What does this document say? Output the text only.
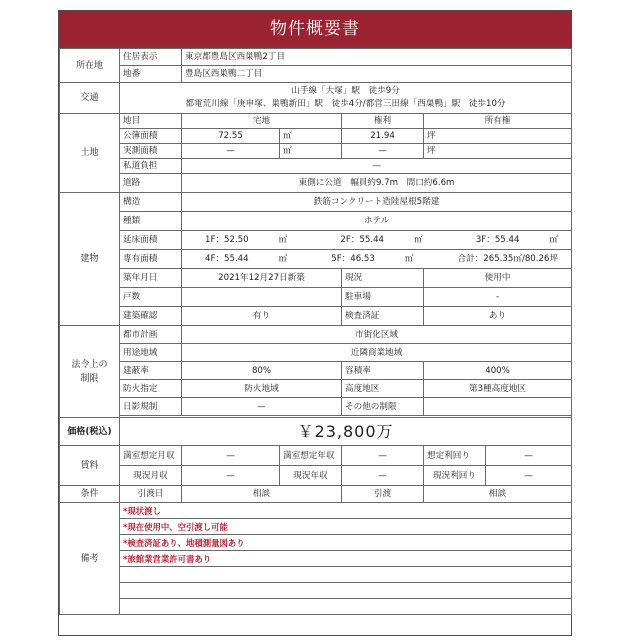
物件概要書
所在地	住居表示	東京都豊島区西巣鴨2丁目				
	地番	豊島区西巣鴨二丁目				
交通	山手線「大塚」駅　徒歩9分
都電荒川線「庚申塚、巣鴨新田」駅　徒歩4分/都営三田線「西巣鴨」駅　徒歩10分					

土地	地目	宅地		権利	所有権	
	公簿面積	72.55	㎡	21.94	坪	
	実測面積	—	㎡	—	坪	
	私道負担	—				
	道路	東側に公道　幅員約9.7m　間口約6.6m				
建物	構造	鉄筋コンクリート造陸屋根5階建				
	種類	ホテル				
	延床面積	1F：52.50 ㎡ 2F：55.44 ㎡ 3F：55.44 ㎡				

	専有面積	4F：55.44 ㎡ 5F：46.53 ㎡ 合計：265.35㎡/80.26坪				

	築年月日	2021年12月27日新築		現況	使用中	
	戸数			駐車場	-	
	建築確認	有り		検査済証	あり	

法令上の
制限	都市計画	市街化区域				
	用途地域	近隣商業地域				
	建蔽率	80%		容積率	400%	
	防火指定	防火地域		高度地区	第3種高度地区	
	日影規制	—		その他の制限		

価格(税込)	￥23,800万					
賃料	満室想定月収	—	満室想定年収	—	想定利回り	—
	現況月収	—	現況年収	—	現況利回り	—
条件	引渡日	相談		引渡	相談	
備考	*現状渡し					
	*現在使用中、空引渡し可能					
	*検査済証あり、地積測量図あり					
	*旅館業営業許可書あり					
